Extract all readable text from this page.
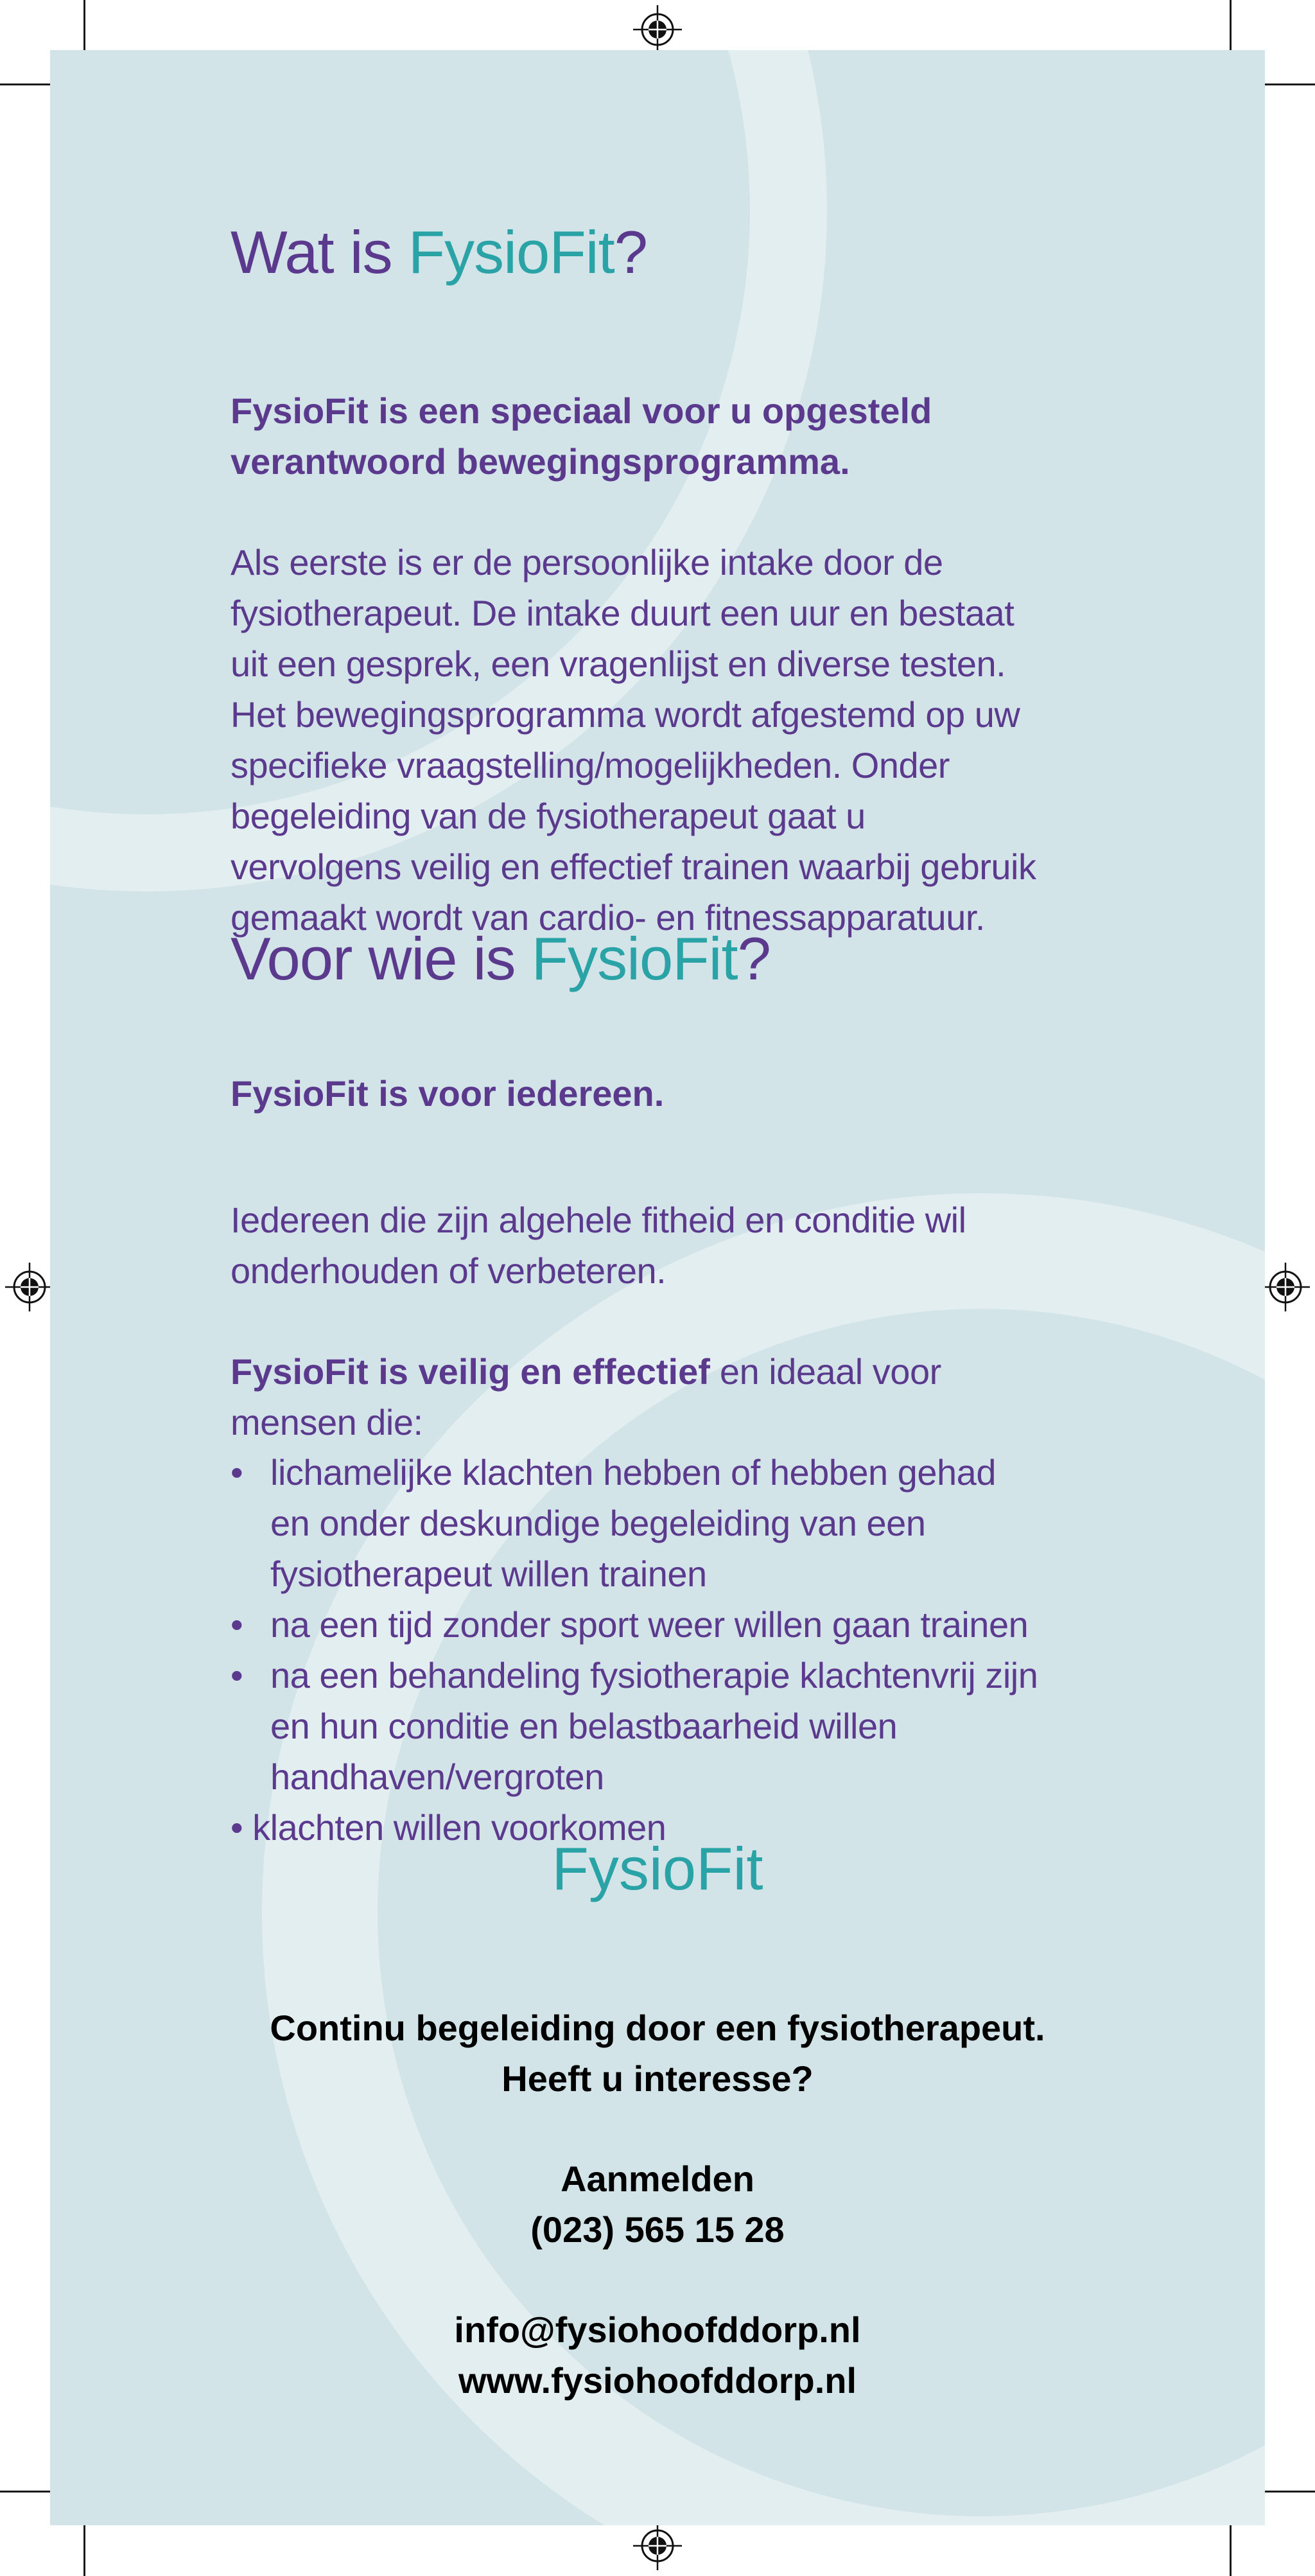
Wat is FysioFit?
FysioFit is een speciaal voor u opgesteld
verantwoord bewegingsprogramma.
Als eerste is er de persoonlijke intake door de
fysiotherapeut. De intake duurt een uur en bestaat
uit een gesprek, een vragenlijst en diverse testen.
Het bewegingsprogramma wordt afgestemd op uw
specifieke vraagstelling/mogelijkheden. Onder
begeleiding van de fysiotherapeut gaat u
vervolgens veilig en effectief trainen waarbij gebruik
gemaakt wordt van cardio- en fitnessapparatuur.
Voor wie is FysioFit?
FysioFit is voor iedereen.
Iedereen die zijn algehele fitheid en conditie wil
onderhouden of verbeteren.
FysioFit is veilig en effectief en ideaal voor
mensen die:
• lichamelijke klachten hebben of hebben gehad
en onder deskundige begeleiding van een
fysiotherapeut willen trainen
• na een tijd zonder sport weer willen gaan trainen
• na een behandeling fysiotherapie klachtenvrij zijn
en hun conditie en belastbaarheid willen
handhaven/vergroten
• klachten willen voorkomen
FysioFit
Continu begeleiding door een fysiotherapeut.
Heeft u interesse?
Aanmelden
(023) 565 15 28
info@fysiohoofddorp.nl
www.fysiohoofddorp.nl
